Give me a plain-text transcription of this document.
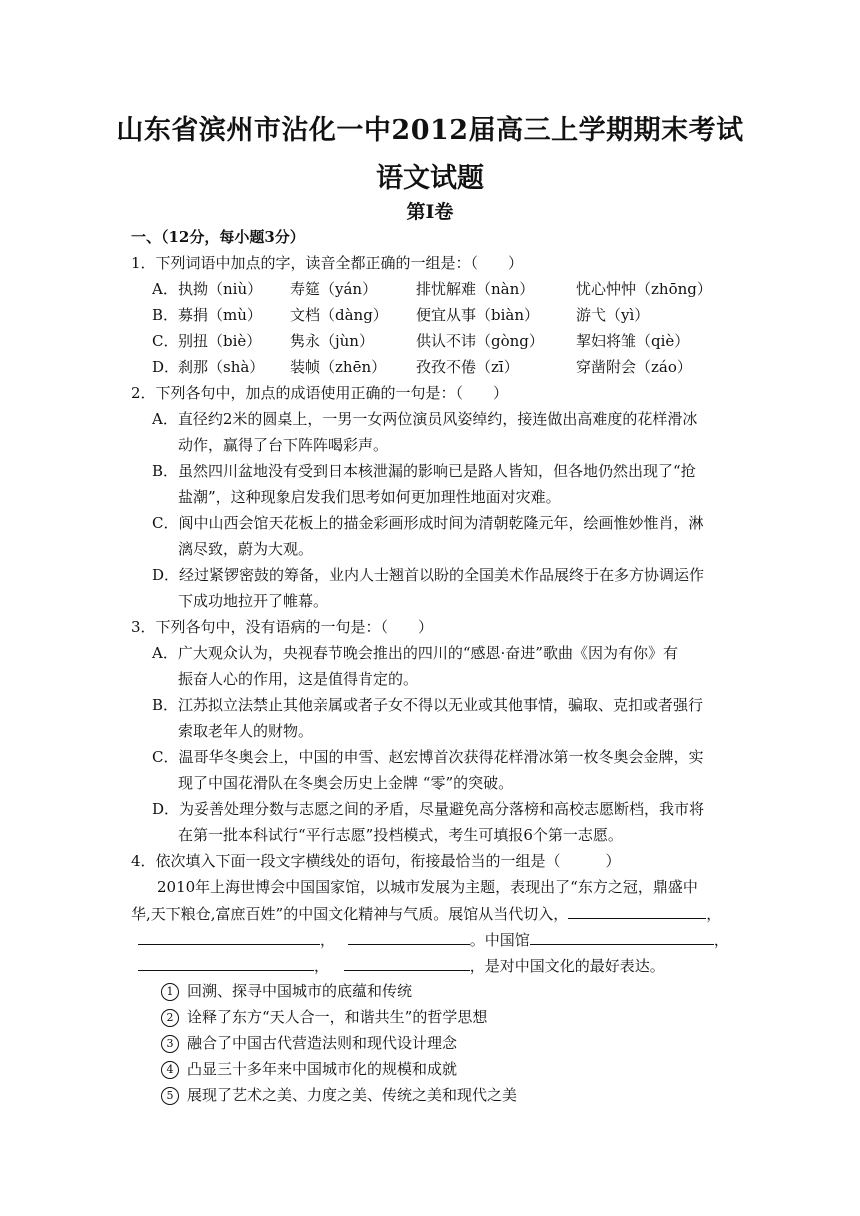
山东省滨州市沾化一中2012届高三上学期期末考试
语文试题
第Ⅰ卷
一、（12分，每小题3分）
1．下列词语中加点的字，读音全都正确的一组是：（　　）
A． 执拗（niù） 寿筵（yán）	排忧解难（nàn）	忧心忡忡（zhōng）
B． 募捐（mù） 文档（dàng） 便宜从事（biàn） 游弋（yì）
C． 别扭（biè） 隽永（jùn）	供认不讳（gòng） 挈妇将雏（qiè）
D．
刹那（shà） 装帧（zhēn） 孜孜不倦（zī）	穿凿附会（záo）
2．下列各句中，加点的成语使用正确的一句是：（　　）
A．直径约2米的圆桌上，一男一女两位演员风姿绰约，接连做出高难度的花样滑冰
动作，赢得了台下阵阵喝彩声。
B．虽然四川盆地没有受到日本核泄漏的影响已是路人皆知，但各地仍然出现了“抢
盐潮”，这种现象启发我们思考如何更加理性地面对灾难。
C．阆中山西会馆天花板上的描金彩画形成时间为清朝乾隆元年，绘画惟妙惟肖，淋
漓尽致，蔚为大观。
D．经过紧锣密鼓的筹备，业内人士翘首以盼的全国美术作品展终于在多方协调运作
下成功地拉开了帷幕。
3．下列各句中，没有语病的一句是：（　　）
A．广大观众认为，央视春节晚会推出的四川的“感恩·奋进”歌曲《因为有你》有
振奋人心的作用，这是值得肯定的。
B．江苏拟立法禁止其他亲属或者子女不得以无业或其他事情，骗取、克扣或者强行
索取老年人的财物。
C．温哥华冬奥会上，中国的申雪、赵宏博首次获得花样滑冰第一枚冬奥会金牌，实
现了中国花滑队在冬奥会历史上金牌 “零”的突破。
D．为妥善处理分数与志愿之间的矛盾，尽量避免高分落榜和高校志愿断档，我市将
在第一批本科试行“平行志愿”投档模式，考生可填报6个第一志愿。
4．依次填入下面一段文字横线处的语句，衔接最恰当的一组是（　　　）
2010年上海世博会中国国家馆，以城市发展为主题，表现出了“东方之冠，鼎盛中
华,天下粮仓,富庶百姓”的中国文化精神与气质。展馆从当代切入，	，
，	。中国馆	，
，	，是对中国文化的最好表达。
1 回溯、探寻中国城市的底蕴和传统
2 诠释了东方“天人合一，和谐共生”的哲学思想
3 融合了中国古代营造法则和现代设计理念
4 凸显三十多年来中国城市化的规模和成就
5 展现了艺术之美、力度之美、传统之美和现代之美
